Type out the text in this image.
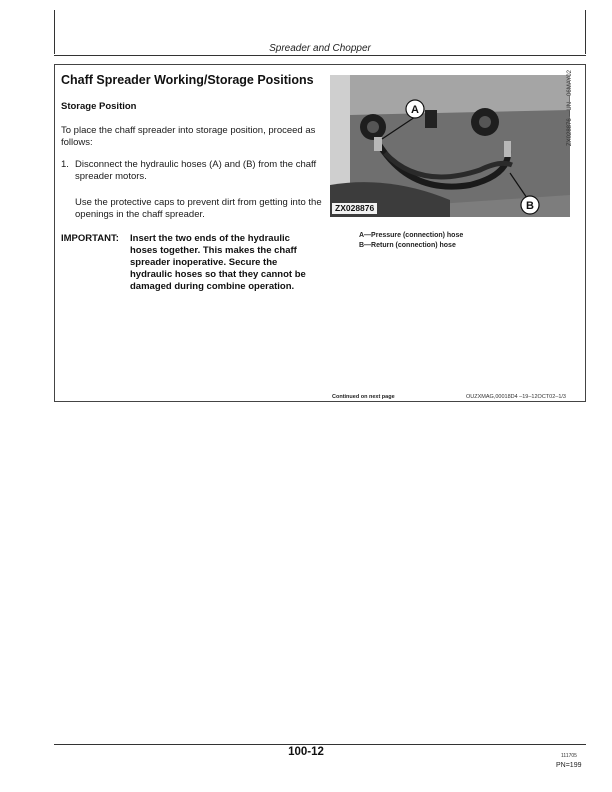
Spreader and Chopper
Chaff Spreader Working/Storage Positions
Storage Position
To place the chaff spreader into storage position, proceed as follows:
1. Disconnect the hydraulic hoses (A) and (B) from the chaff spreader motors.
Use the protective caps to prevent dirt from getting into the openings in the chaff spreader.
IMPORTANT: Insert the two ends of the hydraulic hoses together. This makes the chaff spreader inoperative. Secure the hydraulic hoses so that they cannot be damaged during combine operation.
A
B
ZX028876
ZX028876 —UN—06MAY02
A—Pressure (connection) hose
B—Return (connection) hose
Continued on next page	OUZXMAG,00018D4 –19–12OCT02–1/3
100-12	111705
PN=199
